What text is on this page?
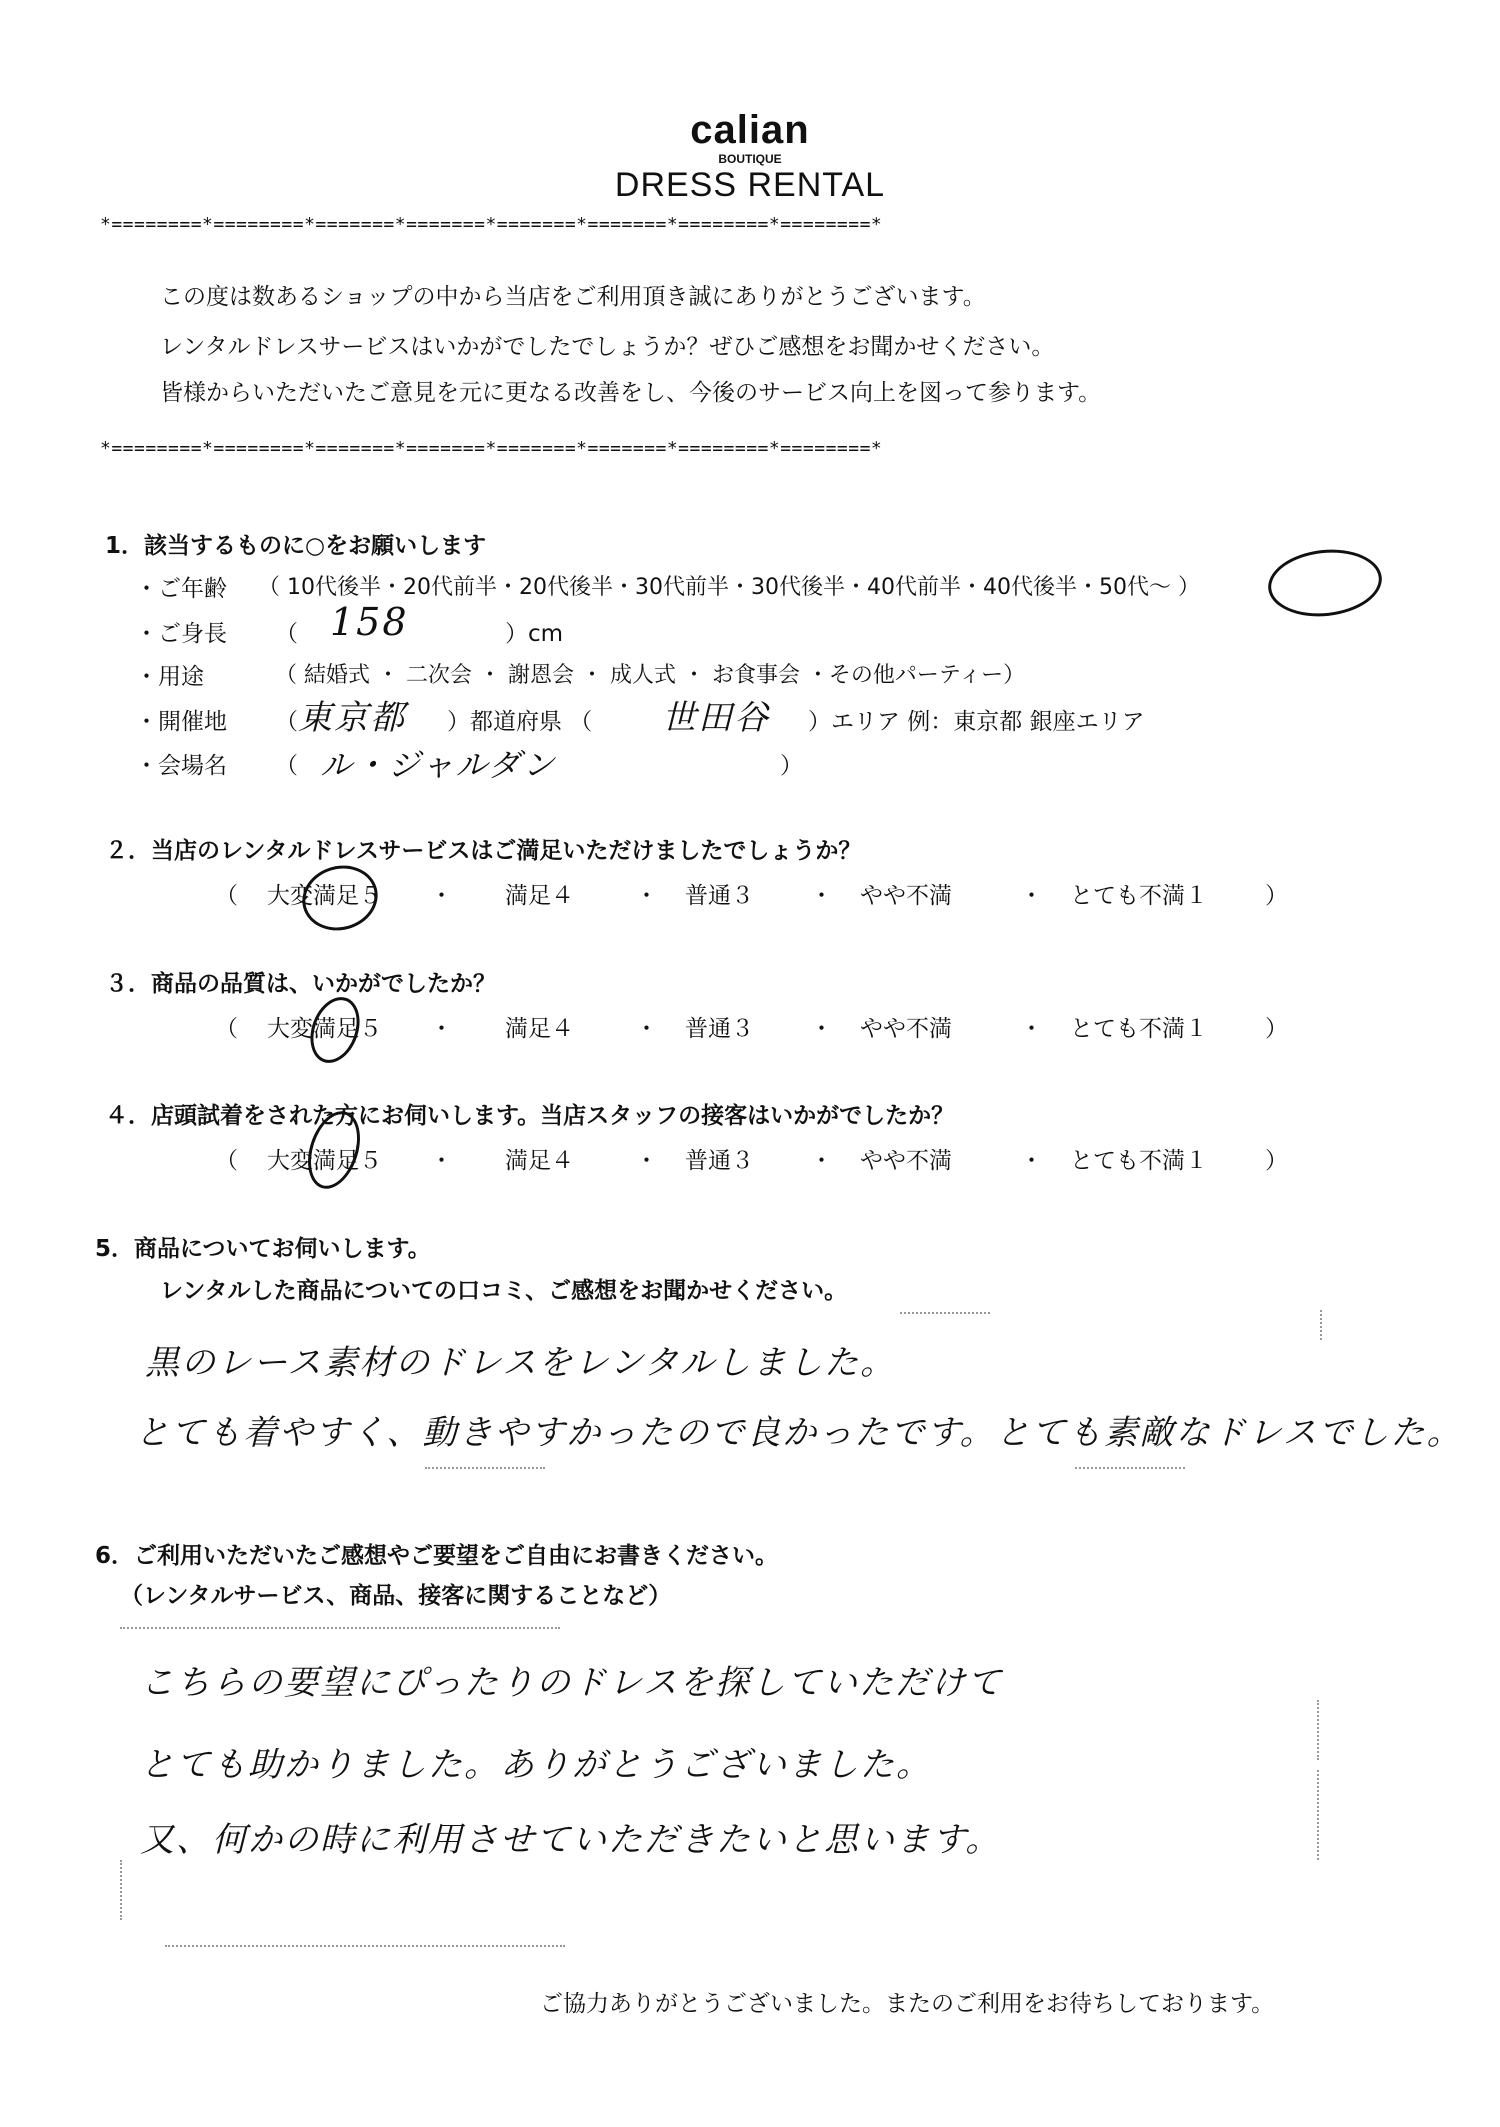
calian
BOUTIQUE
DRESS RENTAL
*========*========*=======*=======*=======*=======*========*========*
この度は数あるショップの中から当店をご利用頂き誠にありがとうございます。
レンタルドレスサービスはいかがでしたでしょうか？ぜひご感想をお聞かせください。
皆様からいただいたご意見を元に更なる改善をし、今後のサービス向上を図って参ります。
*========*========*=======*=======*=======*=======*========*========*
1．該当するものに○をお願いします
・ご年齢 （ 10代後半・20代前半・20代後半・30代前半・30代後半・40代前半・40代後半・50代～ ）
・ご身長 （ 158	）cm
・用途	（ 結婚式 ・ 二次会 ・ 謝恩会 ・ 成人式 ・ お食事会 ・その他パーティー）
・開催地 （ 東京都 ）都道府県 （ 世田谷 ）エリア 例：東京都 銀座エリア
・会場名 （ ル・ジャルダン	）
２．当店のレンタルドレスサービスはご満足いただけましたでしょうか？
（ 大変満足５ ・ 満足４	・ 普通３ ・ やや不満	・ とても不満１ ）
３．商品の品質は、いかがでしたか？
（ 大変満足５ ・ 満足４	・ 普通３ ・ やや不満	・ とても不満１ ）
４．店頭試着をされた方にお伺いします。当店スタッフの接客はいかがでしたか？
（ 大変満足５ ・ 満足４	・ 普通３ ・ やや不満	・ とても不満１ ）
5．商品についてお伺いします。
レンタルした商品についての口コミ、ご感想をお聞かせください。
黒のレース素材のドレスをレンタルしました。
とても着やすく、動きやすかったので良かったです。とても素敵なドレスでした。
6．ご利用いただいたご感想やご要望をご自由にお書きください。
（レンタルサービス、商品、接客に関することなど）
こちらの要望にぴったりのドレスを探していただけて
とても助かりました。ありがとうございました。
又、何かの時に利用させていただきたいと思います。
ご協力ありがとうございました。またのご利用をお待ちしております。
